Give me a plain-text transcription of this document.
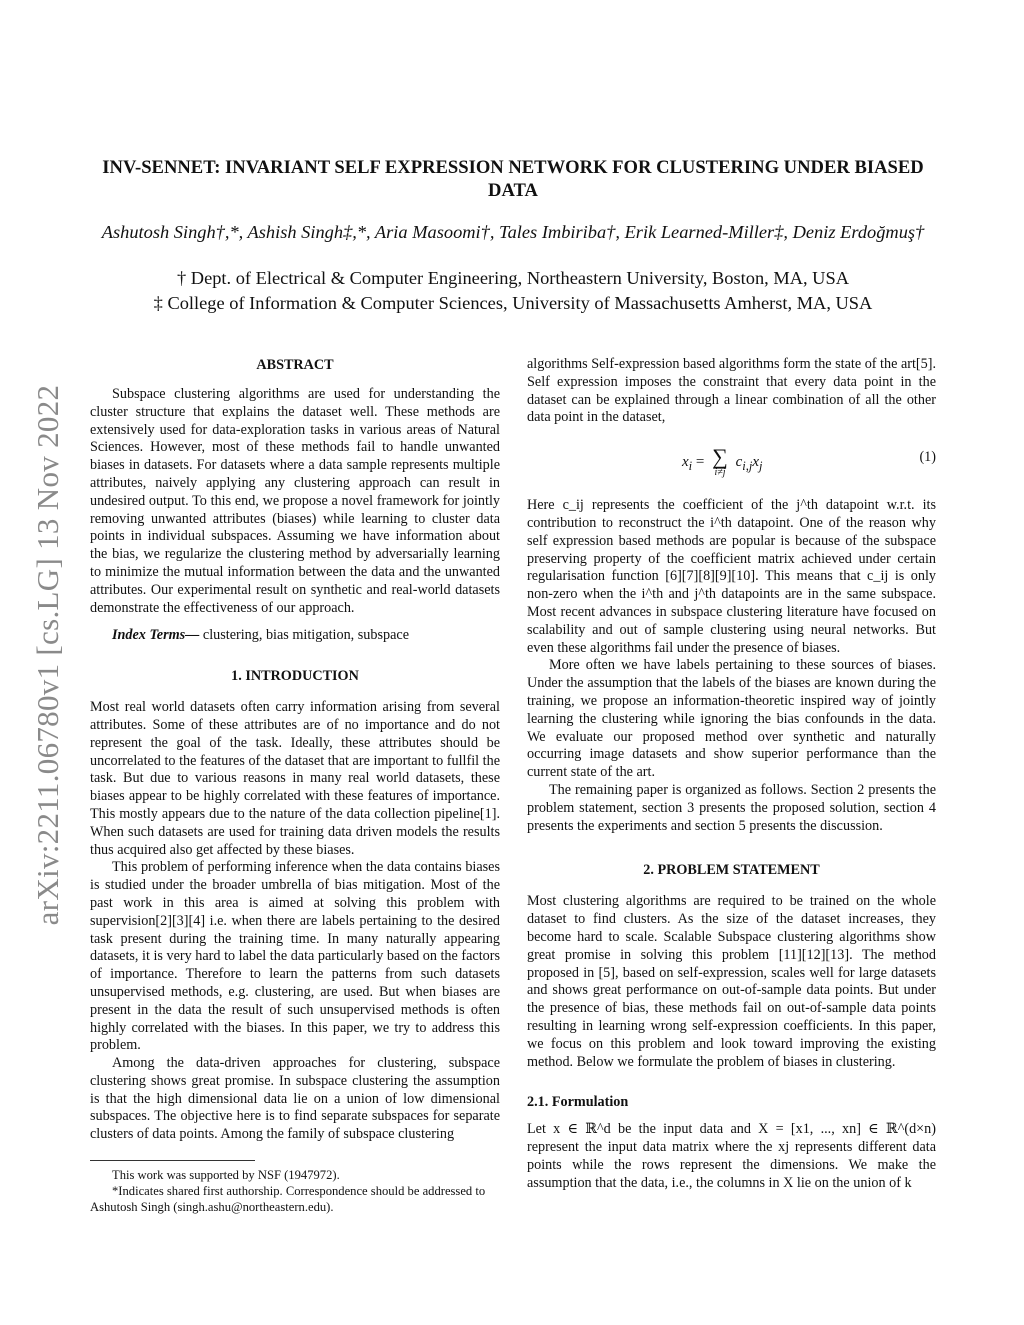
arXiv:2211.06780v1 [cs.LG] 13 Nov 2022
INV-SENNET: INVARIANT SELF EXPRESSION NETWORK FOR CLUSTERING UNDER BIASED DATA

Ashutosh Singh†,*, Ashish Singh‡,*, Aria Masoomi†, Tales Imbiriba†, Erik Learned-Miller‡, Deniz Erdoğmuş†

† Dept. of Electrical & Computer Engineering, Northeastern University, Boston, MA, USA
‡ College of Information & Computer Sciences, University of Massachusetts Amherst, MA, USA
ABSTRACT

Subspace clustering algorithms are used for understanding the cluster structure that explains the dataset well. These methods are extensively used for data-exploration tasks in various areas of Natural Sciences. However, most of these methods fail to handle unwanted biases in datasets. For datasets where a data sample represents multiple attributes, naively applying any clustering approach can result in undesired output. To this end, we propose a novel framework for jointly removing unwanted attributes (biases) while learning to cluster data points in individual subspaces. Assuming we have information about the bias, we regularize the clustering method by adversarially learning to minimize the mutual information between the data and the unwanted attributes. Our experimental result on synthetic and real-world datasets demonstrate the effectiveness of our approach.

Index Terms— clustering, bias mitigation, subspace

1. INTRODUCTION

Most real world datasets often carry information arising from several attributes. Some of these attributes are of no importance and do not represent the goal of the task. Ideally, these attributes should be uncorrelated to the features of the dataset that are important to fullfil the task. But due to various reasons in many real world datasets, these biases appear to be highly correlated with these features of importance. This mostly appears due to the nature of the data collection pipeline[1]. When such datasets are used for training data driven models the results thus acquired also get affected by these biases.

This problem of performing inference when the data contains biases is studied under the broader umbrella of bias mitigation. Most of the past work in this area is aimed at solving this problem with supervision[2][3][4] i.e. when there are labels pertaining to the desired task present during the training time. In many naturally appearing datasets, it is very hard to label the data particularly based on the factors of importance. Therefore to learn the patterns from such datasets unsupervised methods, e.g. clustering, are used. But when biases are present in the data the result of such unsupervised methods is often highly correlated with the biases. In this paper, we try to address this problem.

Among the data-driven approaches for clustering, subspace clustering shows great promise. In subspace clustering the assumption is that the high dimensional data lie on a union of low dimensional subspaces. The objective here is to find separate subspaces for separate clusters of data points. Among the family of subspace clustering

algorithms Self-expression based algorithms form the state of the art[5]. Self expression imposes the constraint that every data point in the dataset can be explained through a linear combination of all the other data point in the dataset,

$x_i$ = ∑
i≠j
$c_{i,j}x_j$
(1)

Here c_ij represents the coefficient of the j^th datapoint w.r.t. its contribution to reconstruct the i^th datapoint. One of the reason why self expression based methods are popular is because of the subspace preserving property of the coefficient matrix achieved under certain regularisation function [6][7][8][9][10]. This means that c_ij is only non-zero when the i^th and j^th datapoints are in the same subspace. Most recent advances in subspace clustering literature have focused on scalability and out of sample clustering using neural networks. But even these algorithms fail under the presence of biases.

More often we have labels pertaining to these sources of biases. Under the assumption that the labels of the biases are known during the training, we propose an information-theoretic inspired way of jointly learning the clustering while ignoring the bias confounds in the data. We evaluate our proposed method over synthetic and naturally occurring image datasets and show superior performance than the current state of the art.

The remaining paper is organized as follows. Section 2 presents the problem statement, section 3 presents the proposed solution, section 4 presents the experiments and section 5 presents the discussion.

2. PROBLEM STATEMENT

Most clustering algorithms are required to be trained on the whole dataset to find clusters. As the size of the dataset increases, they become hard to scale. Scalable Subspace clustering algorithms show great promise in solving this problem [11][12][13]. The method proposed in [5], based on self-expression, scales well for large datasets and shows great performance on out-of-sample data points. But under the presence of bias, these methods fail on out-of-sample data points resulting in learning wrong self-expression coefficients. In this paper, we focus on this problem and look toward improving the existing method. Below we formulate the problem of biases in clustering.

2.1. Formulation

Let x ∈ ℝ^d be the input data and X = [x1, ..., xn] ∈ ℝ^(d×n) represent the input data matrix where the xj represents different data points while the rows represent the dimensions. We make the assumption that the data, i.e., the columns in X lie on the union of k

This work was supported by NSF (1947972).

*Indicates shared first authorship. Correspondence should be addressed to Ashutosh Singh (singh.ashu@northeastern.edu).
